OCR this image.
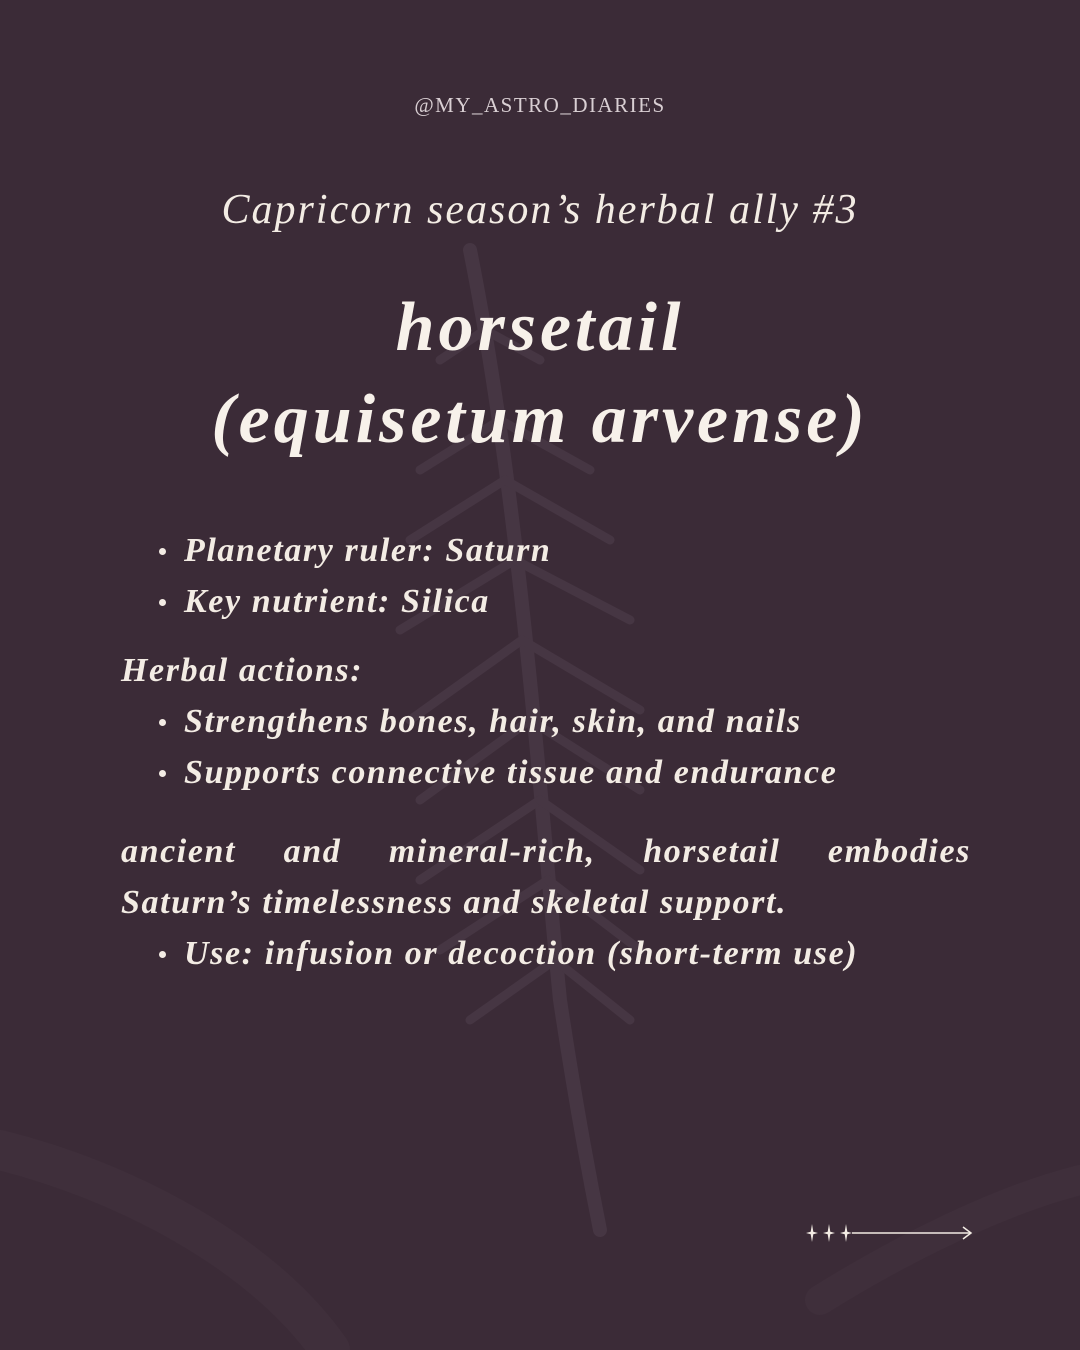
@MY_ASTRO_DIARIES
Capricorn season’s herbal ally #3
horsetail
(equisetum arvense)
Planetary ruler: Saturn
Key nutrient: Silica
Herbal actions:
Strengthens bones, hair, skin, and nails
Supports connective tissue and endurance
ancient and mineral-rich, horsetail embodies
Saturn’s timelessness and skeletal support.
Use: infusion or decoction (short-term use)
